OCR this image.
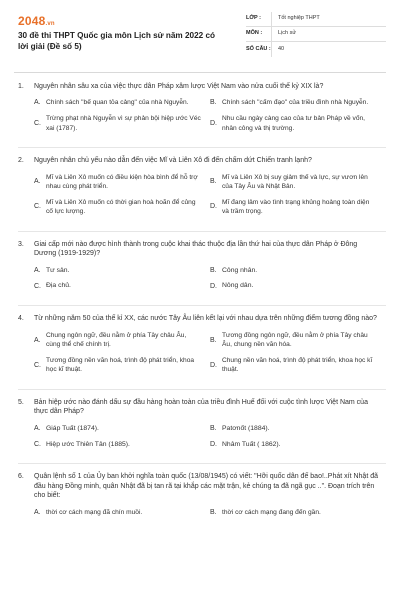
2048.vn
30 đề thi THPT Quốc gia môn Lịch sử năm 2022 có lời giải (Đề số 5)
LỚP :	Tốt nghiệp THPT
MÔN :	Lịch sử
SỐ CÂU :	40
1.	Nguyên nhân sâu xa của việc thực dân Pháp xâm lược Việt Nam vào nửa cuối thế kỷ XIX là?
A. Chính sách "bế quan tỏa cảng" của nhà Nguyễn.	B. Chính sách "cấm đạo" của triều đình nhà Nguyễn.
C.
Trừng phạt nhà Nguyễn vì sự phản bội hiệp ước Véc xai (1787).
D.
Nhu cầu ngày càng cao của tư bản Pháp về vốn, nhân công và thị trường.
2.	Nguyên nhân chủ yếu nào dẫn đến việc Mĩ và Liên Xô đi đến chấm dứt Chiến tranh lạnh?
A.
Mĩ và Liên Xô muốn có điều kiện hòa bình để hỗ trợ nhau cùng phát triển.
B.
Mĩ và Liên Xô bị suy giảm thế và lực, sự vươn lên của Tây Âu và Nhật Bản.
C.
Mĩ và Liên Xô muốn có thời gian hoà hoãn để củng cố lực lượng.
D.
Mĩ đang lâm vào tình trạng khủng hoảng toàn diện và trầm trọng.
3.	Giai cấp mới nào được hình thành trong cuộc khai thác thuộc địa lần thứ hai của thực dân Pháp ở Đông Dương (1919-1929)?
A. Tư sản.	B. Công nhân.
C. Địa chủ.	D. Nông dân.
4.	Từ những năm 50 của thế kỉ XX, các nước Tây Âu liên kết lại với nhau dựa trên những điểm tương đồng nào?
A.
Chung ngôn ngữ, đều nằm ở phía Tây châu Âu, cùng thể chế chính trị.
B.
Tương đồng ngôn ngữ, đều nằm ở phía Tây châu Âu, chung nền văn hóa.
C.
Tương đồng nền văn hoá, trình độ phát triển, khoa học kĩ thuật.
D.
Chung nền văn hoá, trình độ phát triển, khoa học kĩ thuật.
5.	Bản hiệp ước nào đánh dấu sự đầu hàng hoàn toàn của triều đình Huế đối với cuộc tình lược Việt Nam của thực dân Pháp?
A. Giáp Tuất (1874).	B. Patơnốt (1884).
C. Hiệp ước Thiên Tân (1885).	D. Nhâm Tuất ( 1862).
6.	Quân lệnh số 1 của Ủy ban khởi nghĩa toàn quốc (13/08/1945) có viết: "Hỡi quốc dân đế bao!..Phát xít Nhật đã đầu hàng Đồng minh, quân Nhật đã bị tan rã tại khắp các mặt trận, kẻ chúng ta đã ngã gục ..". Đoạn trích trên cho biết:
A. thời cơ cách mạng đã chín muồi.	B. thời cơ cách mạng đang đến gần.
